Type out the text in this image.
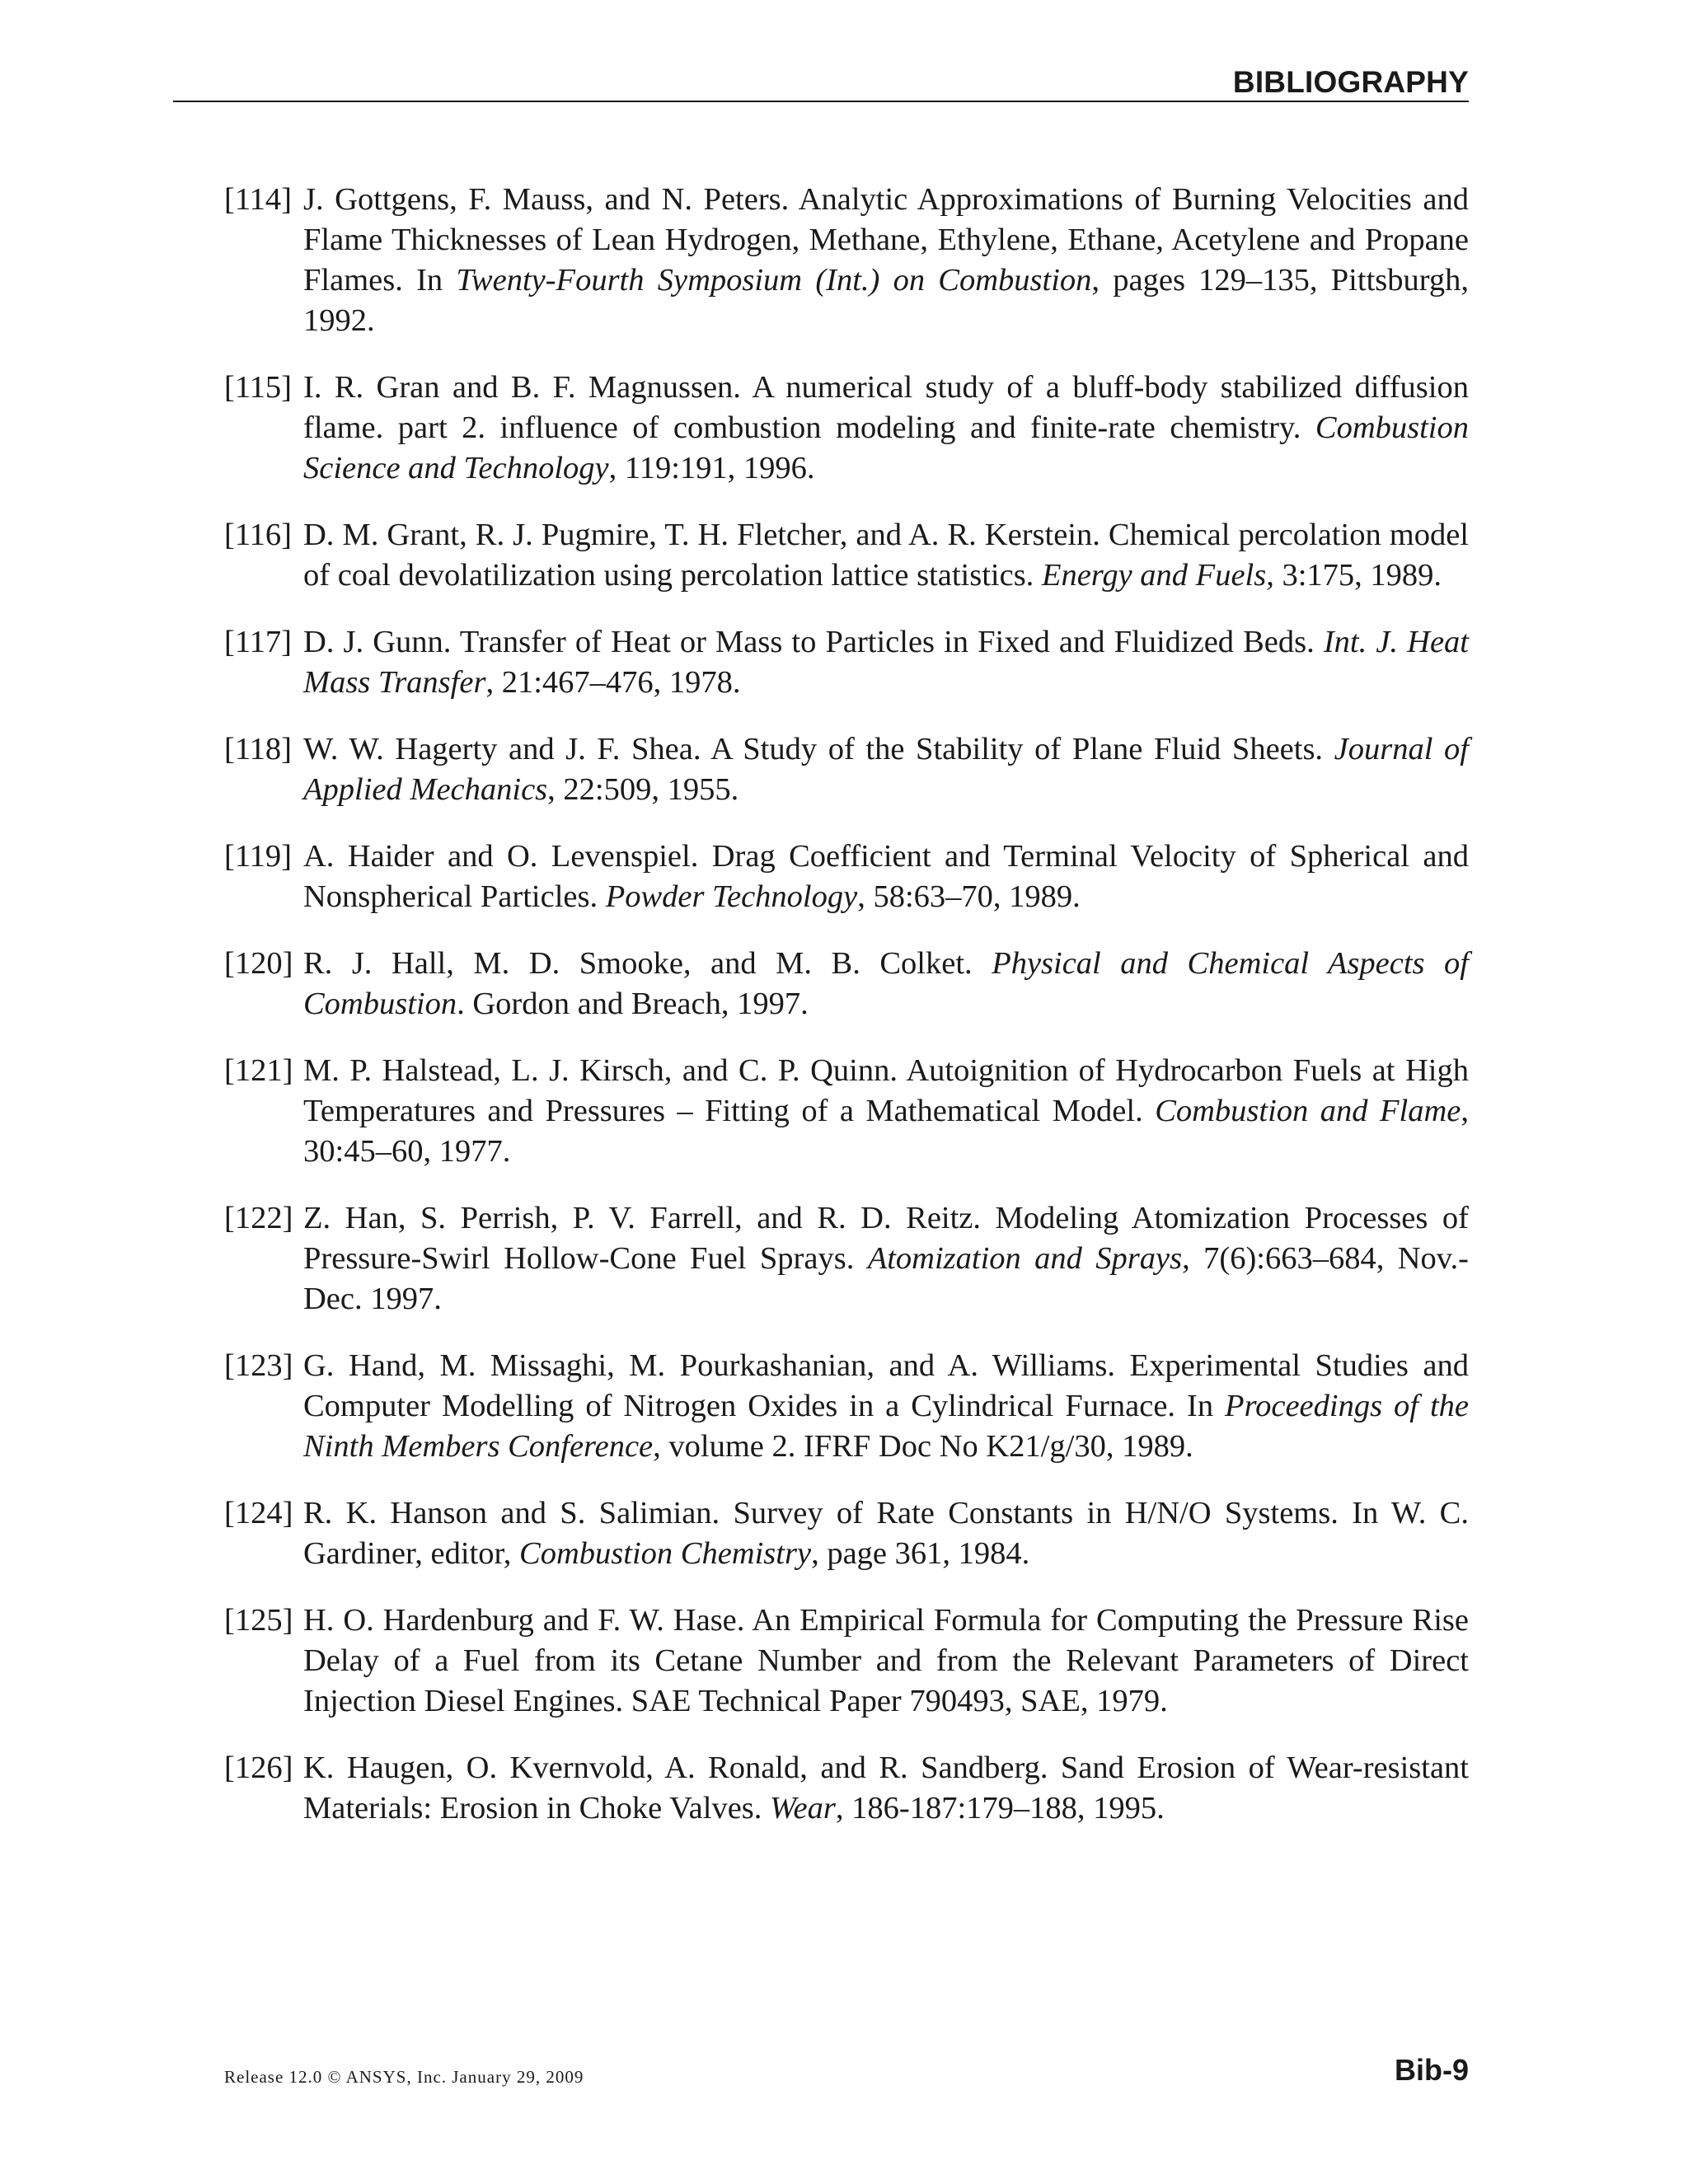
BIBLIOGRAPHY
[114] J. Gottgens, F. Mauss, and N. Peters. Analytic Approximations of Burning Velocities and Flame Thicknesses of Lean Hydrogen, Methane, Ethylene, Ethane, Acetylene and Propane Flames. In Twenty-Fourth Symposium (Int.) on Combustion, pages 129–135, Pittsburgh, 1992.
[115] I. R. Gran and B. F. Magnussen. A numerical study of a bluff-body stabilized diffusion flame. part 2. influence of combustion modeling and finite-rate chemistry. Combustion Science and Technology, 119:191, 1996.
[116] D. M. Grant, R. J. Pugmire, T. H. Fletcher, and A. R. Kerstein. Chemical percolation model of coal devolatilization using percolation lattice statistics. Energy and Fuels, 3:175, 1989.
[117] D. J. Gunn. Transfer of Heat or Mass to Particles in Fixed and Fluidized Beds. Int. J. Heat Mass Transfer, 21:467–476, 1978.
[118] W. W. Hagerty and J. F. Shea. A Study of the Stability of Plane Fluid Sheets. Journal of Applied Mechanics, 22:509, 1955.
[119] A. Haider and O. Levenspiel. Drag Coefficient and Terminal Velocity of Spherical and Nonspherical Particles. Powder Technology, 58:63–70, 1989.
[120] R. J. Hall, M. D. Smooke, and M. B. Colket. Physical and Chemical Aspects of Combustion. Gordon and Breach, 1997.
[121] M. P. Halstead, L. J. Kirsch, and C. P. Quinn. Autoignition of Hydrocarbon Fuels at High Temperatures and Pressures – Fitting of a Mathematical Model. Combustion and Flame, 30:45–60, 1977.
[122] Z. Han, S. Perrish, P. V. Farrell, and R. D. Reitz. Modeling Atomization Processes of Pressure-Swirl Hollow-Cone Fuel Sprays. Atomization and Sprays, 7(6):663–684, Nov.-Dec. 1997.
[123] G. Hand, M. Missaghi, M. Pourkashanian, and A. Williams. Experimental Studies and Computer Modelling of Nitrogen Oxides in a Cylindrical Furnace. In Proceedings of the Ninth Members Conference, volume 2. IFRF Doc No K21/g/30, 1989.
[124] R. K. Hanson and S. Salimian. Survey of Rate Constants in H/N/O Systems. In W. C. Gardiner, editor, Combustion Chemistry, page 361, 1984.
[125] H. O. Hardenburg and F. W. Hase. An Empirical Formula for Computing the Pressure Rise Delay of a Fuel from its Cetane Number and from the Relevant Parameters of Direct Injection Diesel Engines. SAE Technical Paper 790493, SAE, 1979.
[126] K. Haugen, O. Kvernvold, A. Ronald, and R. Sandberg. Sand Erosion of Wear-resistant Materials: Erosion in Choke Valves. Wear, 186-187:179–188, 1995.
Release 12.0 © ANSYS, Inc. January 29, 2009	Bib-9
